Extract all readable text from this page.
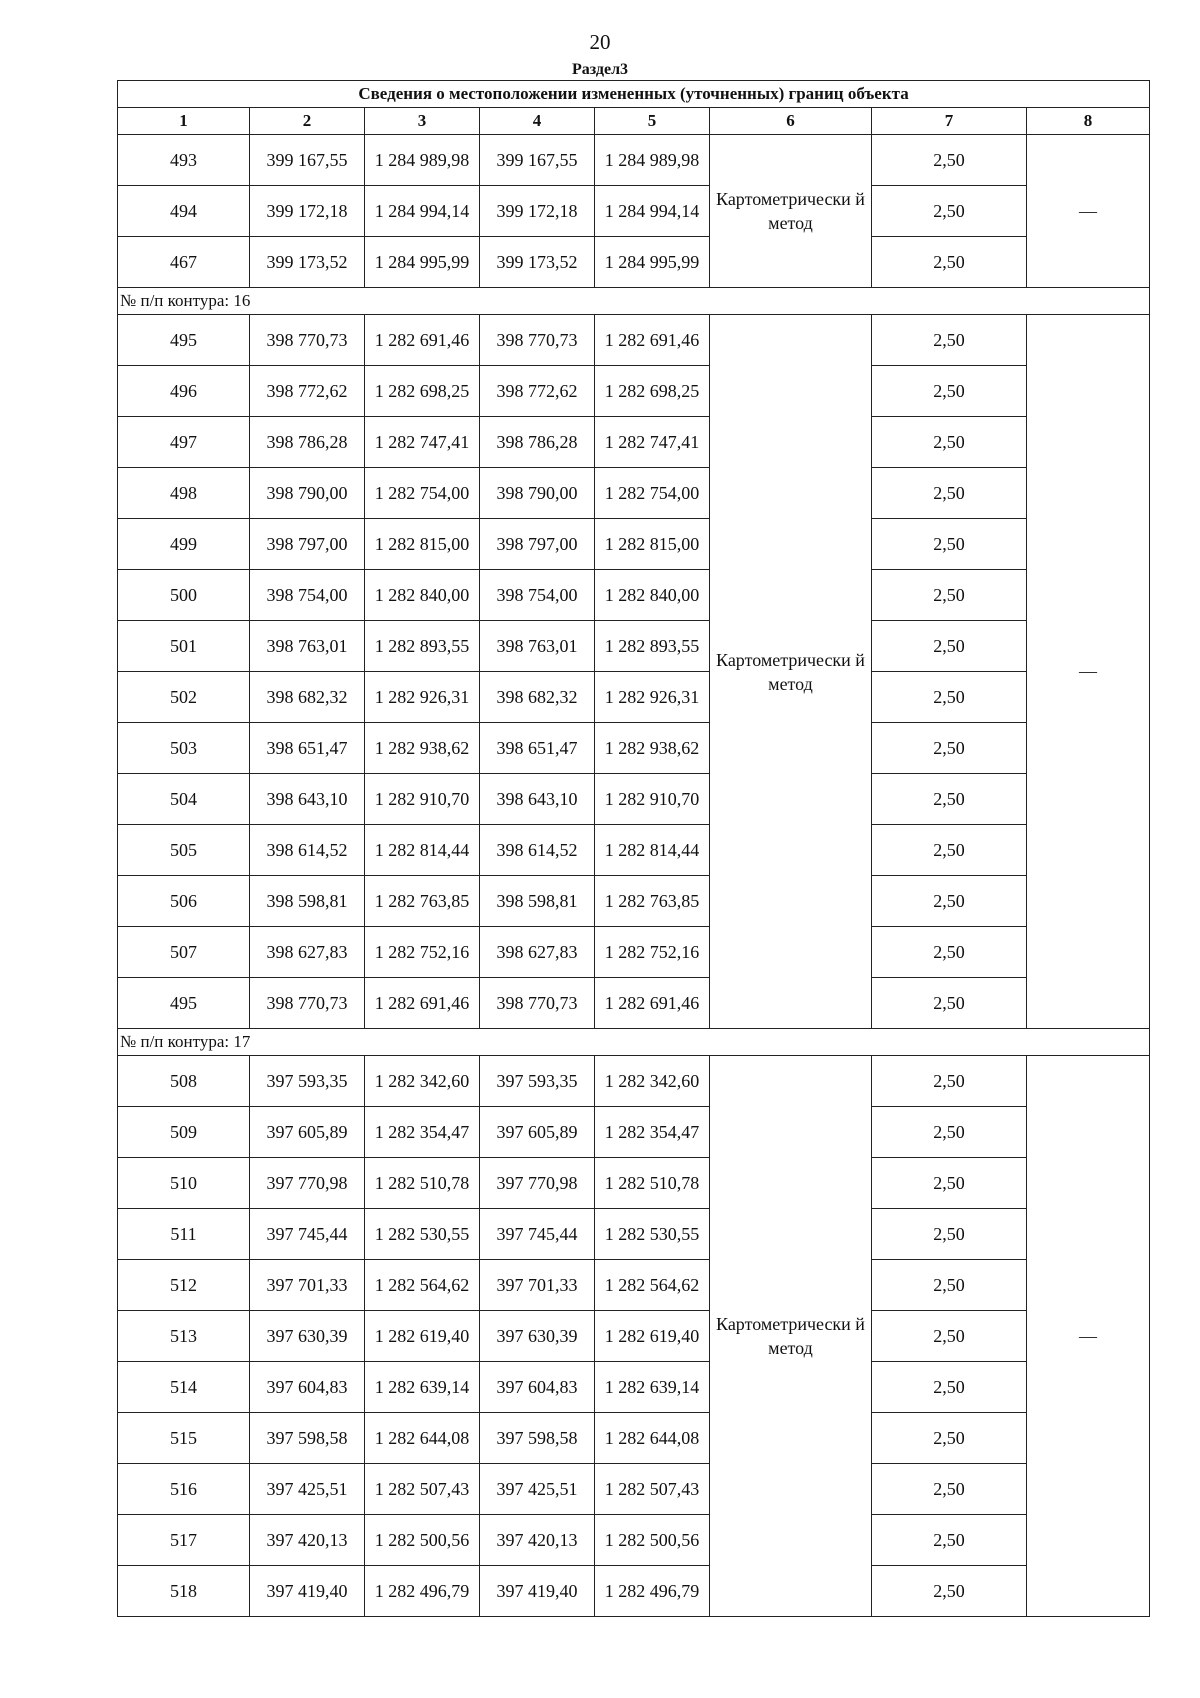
20
Раздел3
Сведения о местоположении измененных (уточненных) границ объекта							
1	2	3	4	5	6	7	8
493	399 167,55	1 284 989,98	399 167,55	1 284 989,98	Картометрически й метод	2,50	—
494	399 172,18	1 284 994,14	399 172,18	1 284 994,14		2,50	
467	399 173,52	1 284 995,99	399 173,52	1 284 995,99		2,50	
№ п/п контура: 16							
495	398 770,73	1 282 691,46	398 770,73	1 282 691,46	Картометрически й метод	2,50	—
496	398 772,62	1 282 698,25	398 772,62	1 282 698,25		2,50	
497	398 786,28	1 282 747,41	398 786,28	1 282 747,41		2,50	
498	398 790,00	1 282 754,00	398 790,00	1 282 754,00		2,50	
499	398 797,00	1 282 815,00	398 797,00	1 282 815,00		2,50	
500	398 754,00	1 282 840,00	398 754,00	1 282 840,00		2,50	
501	398 763,01	1 282 893,55	398 763,01	1 282 893,55		2,50	
502	398 682,32	1 282 926,31	398 682,32	1 282 926,31		2,50	
503	398 651,47	1 282 938,62	398 651,47	1 282 938,62		2,50	
504	398 643,10	1 282 910,70	398 643,10	1 282 910,70		2,50	
505	398 614,52	1 282 814,44	398 614,52	1 282 814,44		2,50	
506	398 598,81	1 282 763,85	398 598,81	1 282 763,85		2,50	
507	398 627,83	1 282 752,16	398 627,83	1 282 752,16		2,50	
495	398 770,73	1 282 691,46	398 770,73	1 282 691,46		2,50	
№ п/п контура: 17							
508	397 593,35	1 282 342,60	397 593,35	1 282 342,60	Картометрически й метод	2,50	—
509	397 605,89	1 282 354,47	397 605,89	1 282 354,47		2,50	
510	397 770,98	1 282 510,78	397 770,98	1 282 510,78		2,50	
511	397 745,44	1 282 530,55	397 745,44	1 282 530,55		2,50	
512	397 701,33	1 282 564,62	397 701,33	1 282 564,62		2,50	
513	397 630,39	1 282 619,40	397 630,39	1 282 619,40		2,50	
514	397 604,83	1 282 639,14	397 604,83	1 282 639,14		2,50	
515	397 598,58	1 282 644,08	397 598,58	1 282 644,08		2,50	
516	397 425,51	1 282 507,43	397 425,51	1 282 507,43		2,50	
517	397 420,13	1 282 500,56	397 420,13	1 282 500,56		2,50	
518	397 419,40	1 282 496,79	397 419,40	1 282 496,79		2,50	
